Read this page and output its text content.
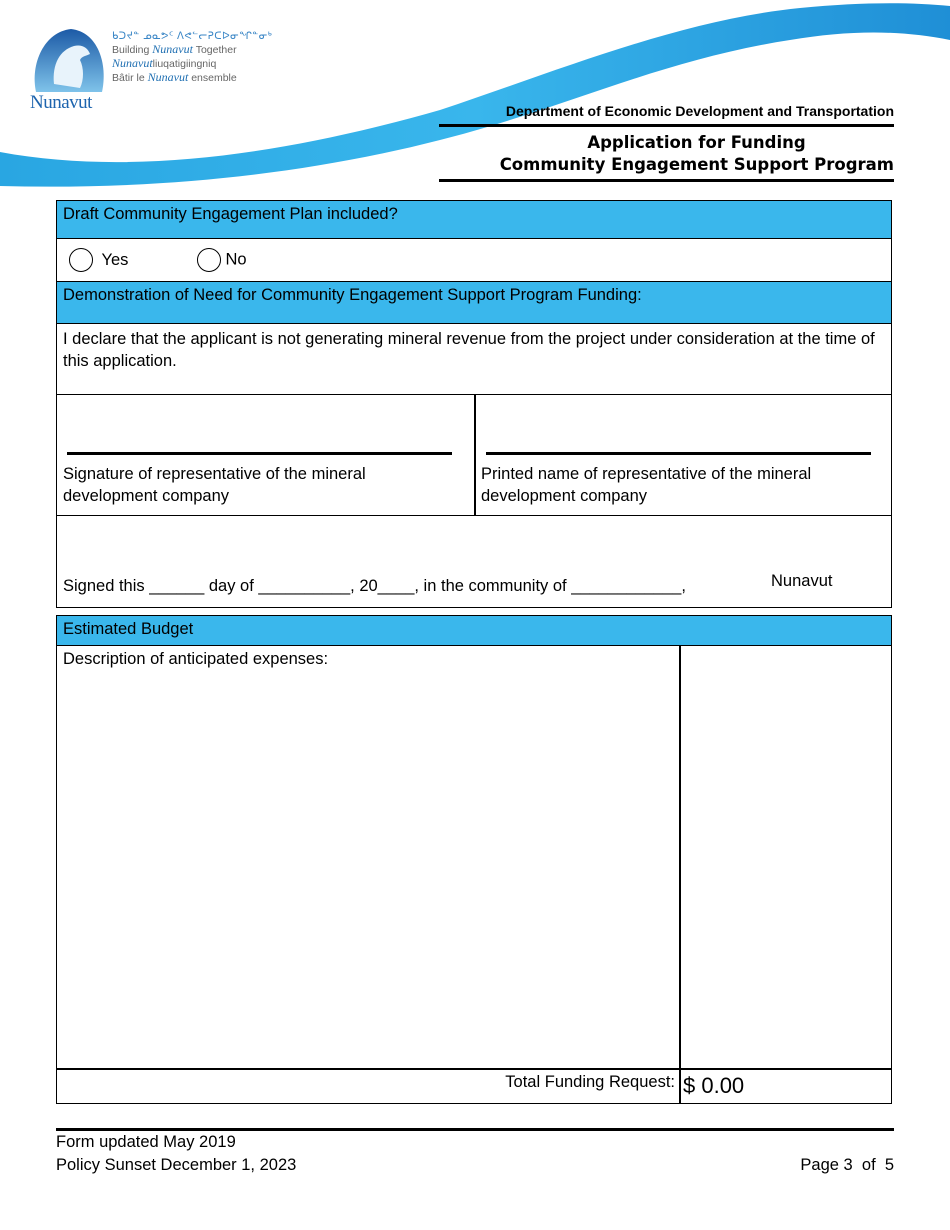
Nunavut
ᑲᑐᔪᓐ ᓄᓇᕗᑦ ᐱᕙᓪᓕᕈᑕᐅᓂᖏᓐᓂᒃ
Building Nunavut Together
Nunavutliuqatigiingniq
Bâtir le Nunavut ensemble
Department of Economic Development and Transportation
Application for Funding
Community Engagement Support Program
Draft Community Engagement Plan included?
Yes	No
Demonstration of Need for Community Engagement Support Program Funding:
I declare that the applicant is not generating mineral revenue from the project under consideration at the time of this application.
Signature of representative of the mineral development company
Printed name of representative of the mineral development company
Signed this ______ day of __________, 20____, in the community of ____________,	Nunavut
Estimated Budget
Description of anticipated expenses:
Total Funding Request: $ 0.00
Form updated May 2019
Policy Sunset December 1, 2023	Page 3  of  5
